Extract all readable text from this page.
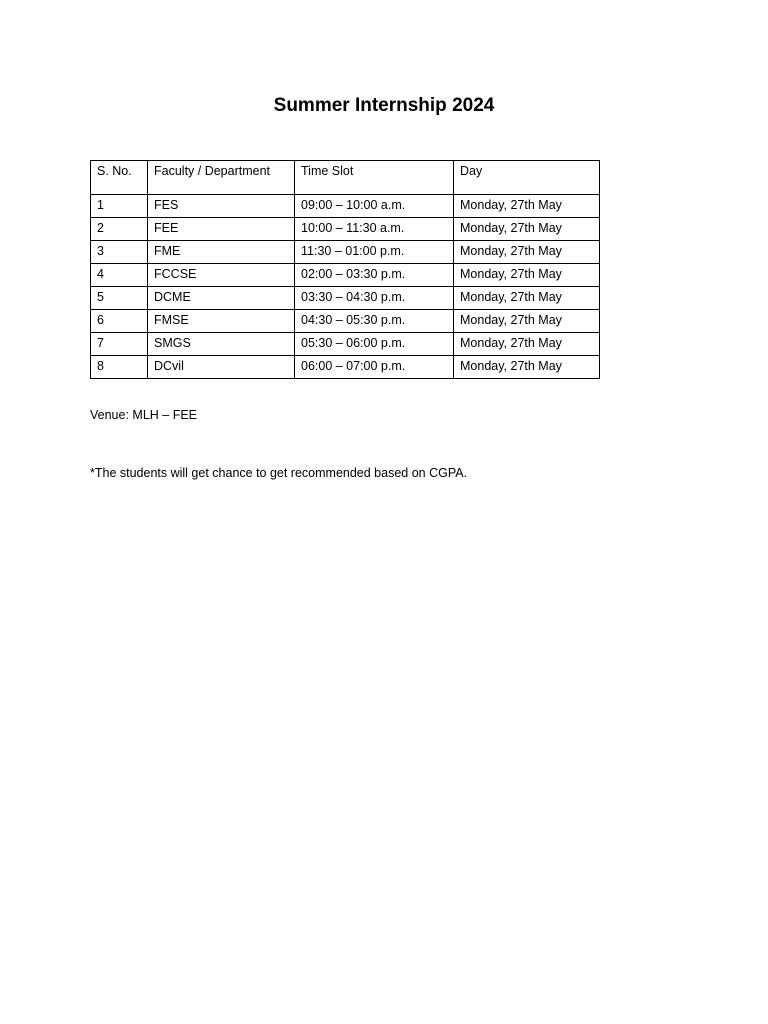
Summer Internship 2024
S. No.	Faculty / Department	Time Slot	Day
1	FES	09:00 – 10:00 a.m.	Monday, 27th May
2	FEE	10:00 – 11:30 a.m.	Monday, 27th May
3	FME	11:30 – 01:00 p.m.	Monday, 27th May
4	FCCSE	02:00 – 03:30 p.m.	Monday, 27th May
5	DCME	03:30 – 04:30 p.m.	Monday, 27th May
6	FMSE	04:30 – 05:30 p.m.	Monday, 27th May
7	SMGS	05:30 – 06:00 p.m.	Monday, 27th May
8	DCvil	06:00 – 07:00 p.m.	Monday, 27th May

Venue: MLH – FEE

*The students will get chance to get recommended based on CGPA.
